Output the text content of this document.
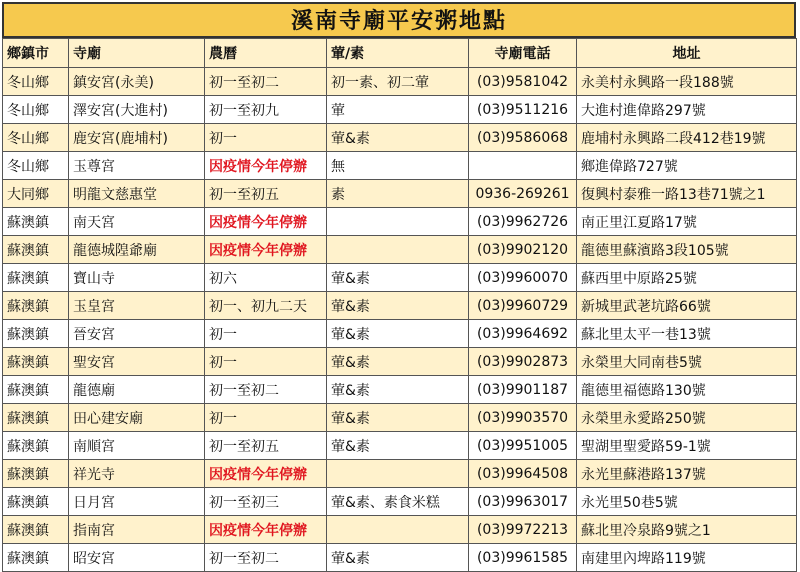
溪南寺廟平安粥地點
鄉鎮市	寺廟	農曆	葷/素	寺廟電話	地址
冬山鄉	鎮安宮(永美)	初一至初二	初一素、初二葷	(03)9581042	永美村永興路一段188號
冬山鄉	澤安宮(大進村)	初一至初九	葷	(03)9511216	大進村進偉路297號
冬山鄉	鹿安宮(鹿埔村)	初一	葷&素	(03)9586068	鹿埔村永興路二段412巷19號
冬山鄉	玉尊宮	因疫情今年停辦	無		鄉進偉路727號
大同鄉	明龍文慈惠堂	初一至初五	素	0936-269261	復興村泰雅一路13巷71號之1
蘇澳鎮	南天宮	因疫情今年停辦		(03)9962726	南正里江夏路17號
蘇澳鎮	龍德城隍爺廟	因疫情今年停辦		(03)9902120	龍德里蘇濱路3段105號
蘇澳鎮	寶山寺	初六	葷&素	(03)9960070	蘇西里中原路25號
蘇澳鎮	玉皇宮	初一、初九二天	葷&素	(03)9960729	新城里武荖坑路66號
蘇澳鎮	晉安宮	初一	葷&素	(03)9964692	蘇北里太平一巷13號
蘇澳鎮	聖安宮	初一	葷&素	(03)9902873	永榮里大同南巷5號
蘇澳鎮	龍德廟	初一至初二	葷&素	(03)9901187	龍德里福德路130號
蘇澳鎮	田心建安廟	初一	葷&素	(03)9903570	永榮里永愛路250號
蘇澳鎮	南順宮	初一至初五	葷&素	(03)9951005	聖湖里聖愛路59-1號
蘇澳鎮	祥光寺	因疫情今年停辦		(03)9964508	永光里蘇港路137號
蘇澳鎮	日月宮	初一至初三	葷&素、素食米糕	(03)9963017	永光里50巷5號
蘇澳鎮	指南宮	因疫情今年停辦		(03)9972213	蘇北里冷泉路9號之1
蘇澳鎮	昭安宮	初一至初二	葷&素	(03)9961585	南建里內埤路119號
